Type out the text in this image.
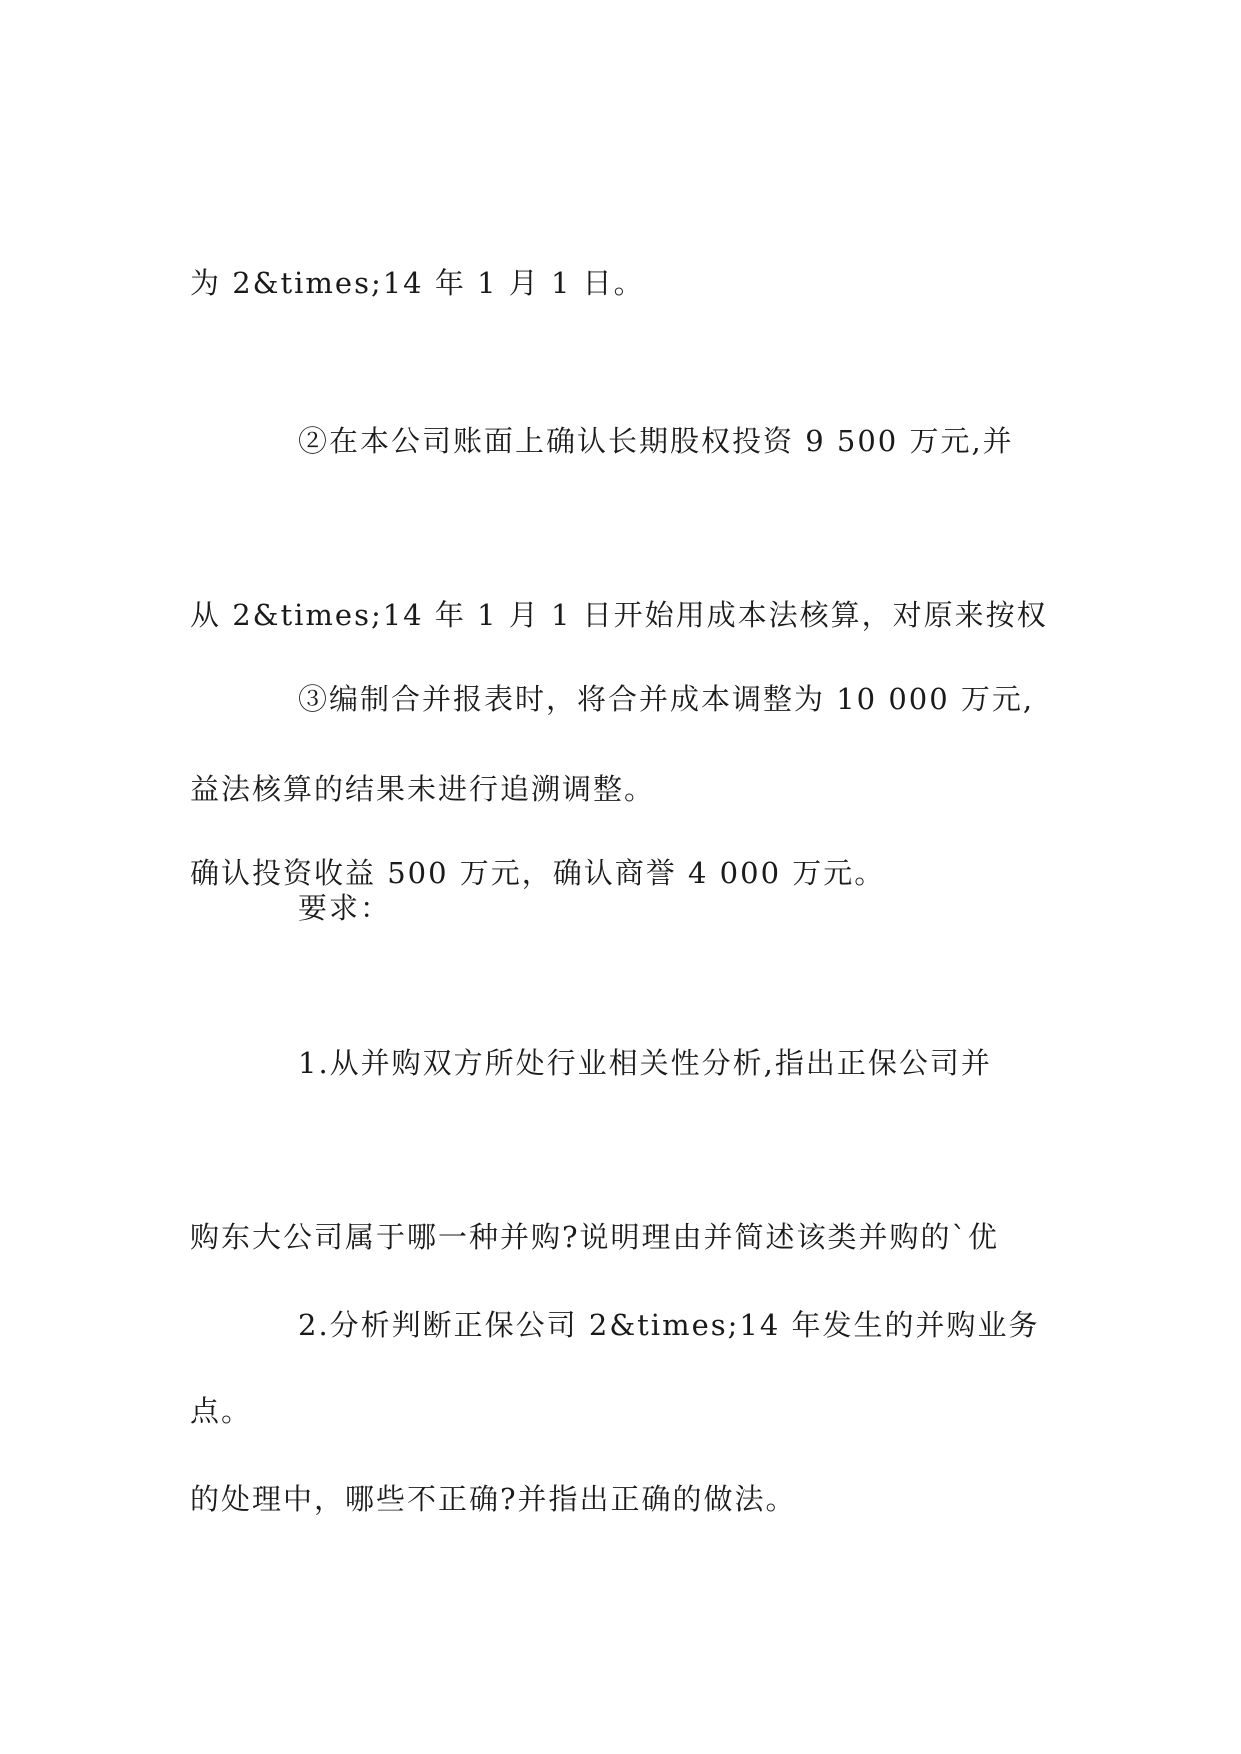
为 2&times;14 年 1 月 1 日。

②在本公司账面上确认长期股权投资 9 500 万元,并

从 2&times;14 年 1 月 1 日开始用成本法核算，对原来按权

益法核算的结果未进行追溯调整。

③编制合并报表时，将合并成本调整为 10 000 万元,

确认投资收益 500 万元，确认商誉 4 000 万元。

要求：

1.从并购双方所处行业相关性分析,指出正保公司并

购东大公司属于哪一种并购?说明理由并简述该类并购的`优

点。

2.分析判断正保公司 2&times;14 年发生的并购业务

的处理中，哪些不正确?并指出正确的做法。
